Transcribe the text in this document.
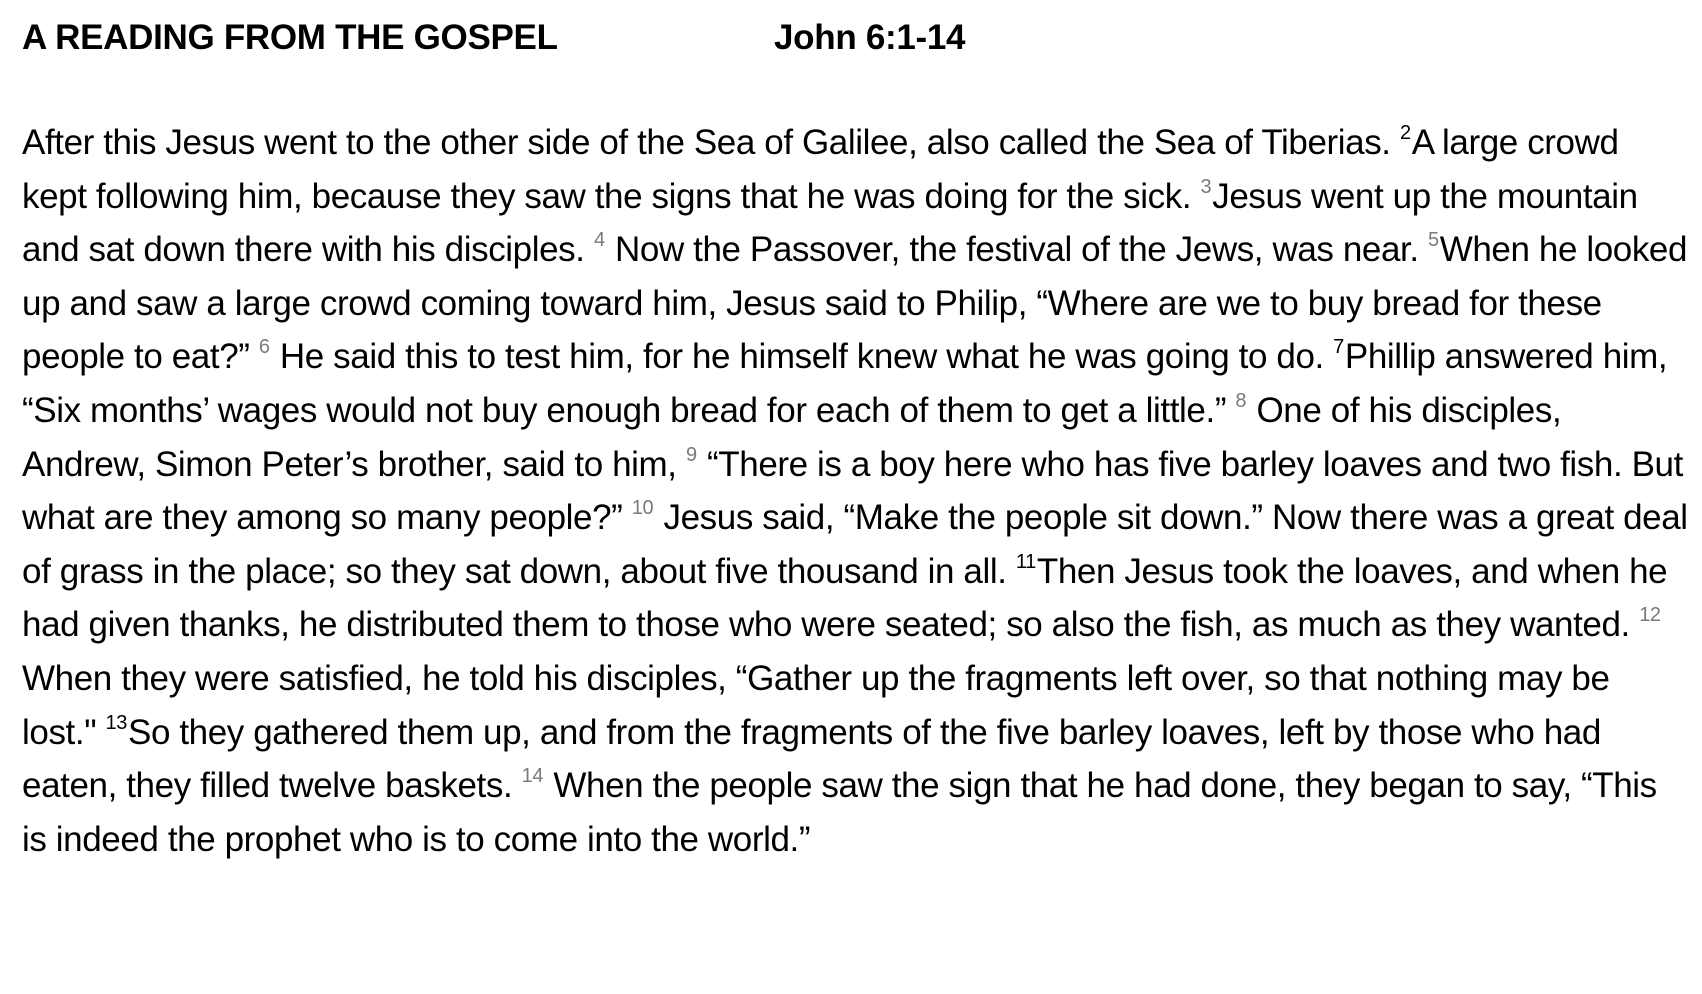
A READING FROM THE GOSPEL	John 6:1-14
After this Jesus went to the other side of the Sea of Galilee, also called the Sea of Tiberias. $^2$A large crowd kept following him, because they saw the signs that he was doing for the sick. $^3$Jesus went up the mountain and sat down there with his disciples. $^4$ Now the Passover, the festival of the Jews, was near. $^5$When he looked up and saw a large crowd coming toward him, Jesus said to Philip, “Where are we to buy bread for these people to eat?” $^6$ He said this to test him, for he himself knew what he was going to do. $^7$Phillip answered him, “Six months’ wages would not buy enough bread for each of them to get a little.” $^8$ One of his disciples, Andrew, Simon Peter’s brother, said to him, $^9$ “There is a boy here who has five barley loaves and two fish. But what are they among so many people?” $^{10}$ Jesus said, “Make the people sit down.” Now there was a great deal of grass in the place; so they sat down, about five thousand in all. $^{11}$Then Jesus took the loaves, and when he had given thanks, he distributed them to those who were seated; so also the fish, as much as they wanted. $^{12}$ When they were satisfied, he told his disciples, “Gather up the fragments left over, so that nothing may be lost." $^{13}$So they gathered them up, and from the fragments of the five barley loaves, left by those who had eaten, they filled twelve baskets. $^{14}$ When the people saw the sign that he had done, they began to say, “This is indeed the prophet who is to come into the world.”
